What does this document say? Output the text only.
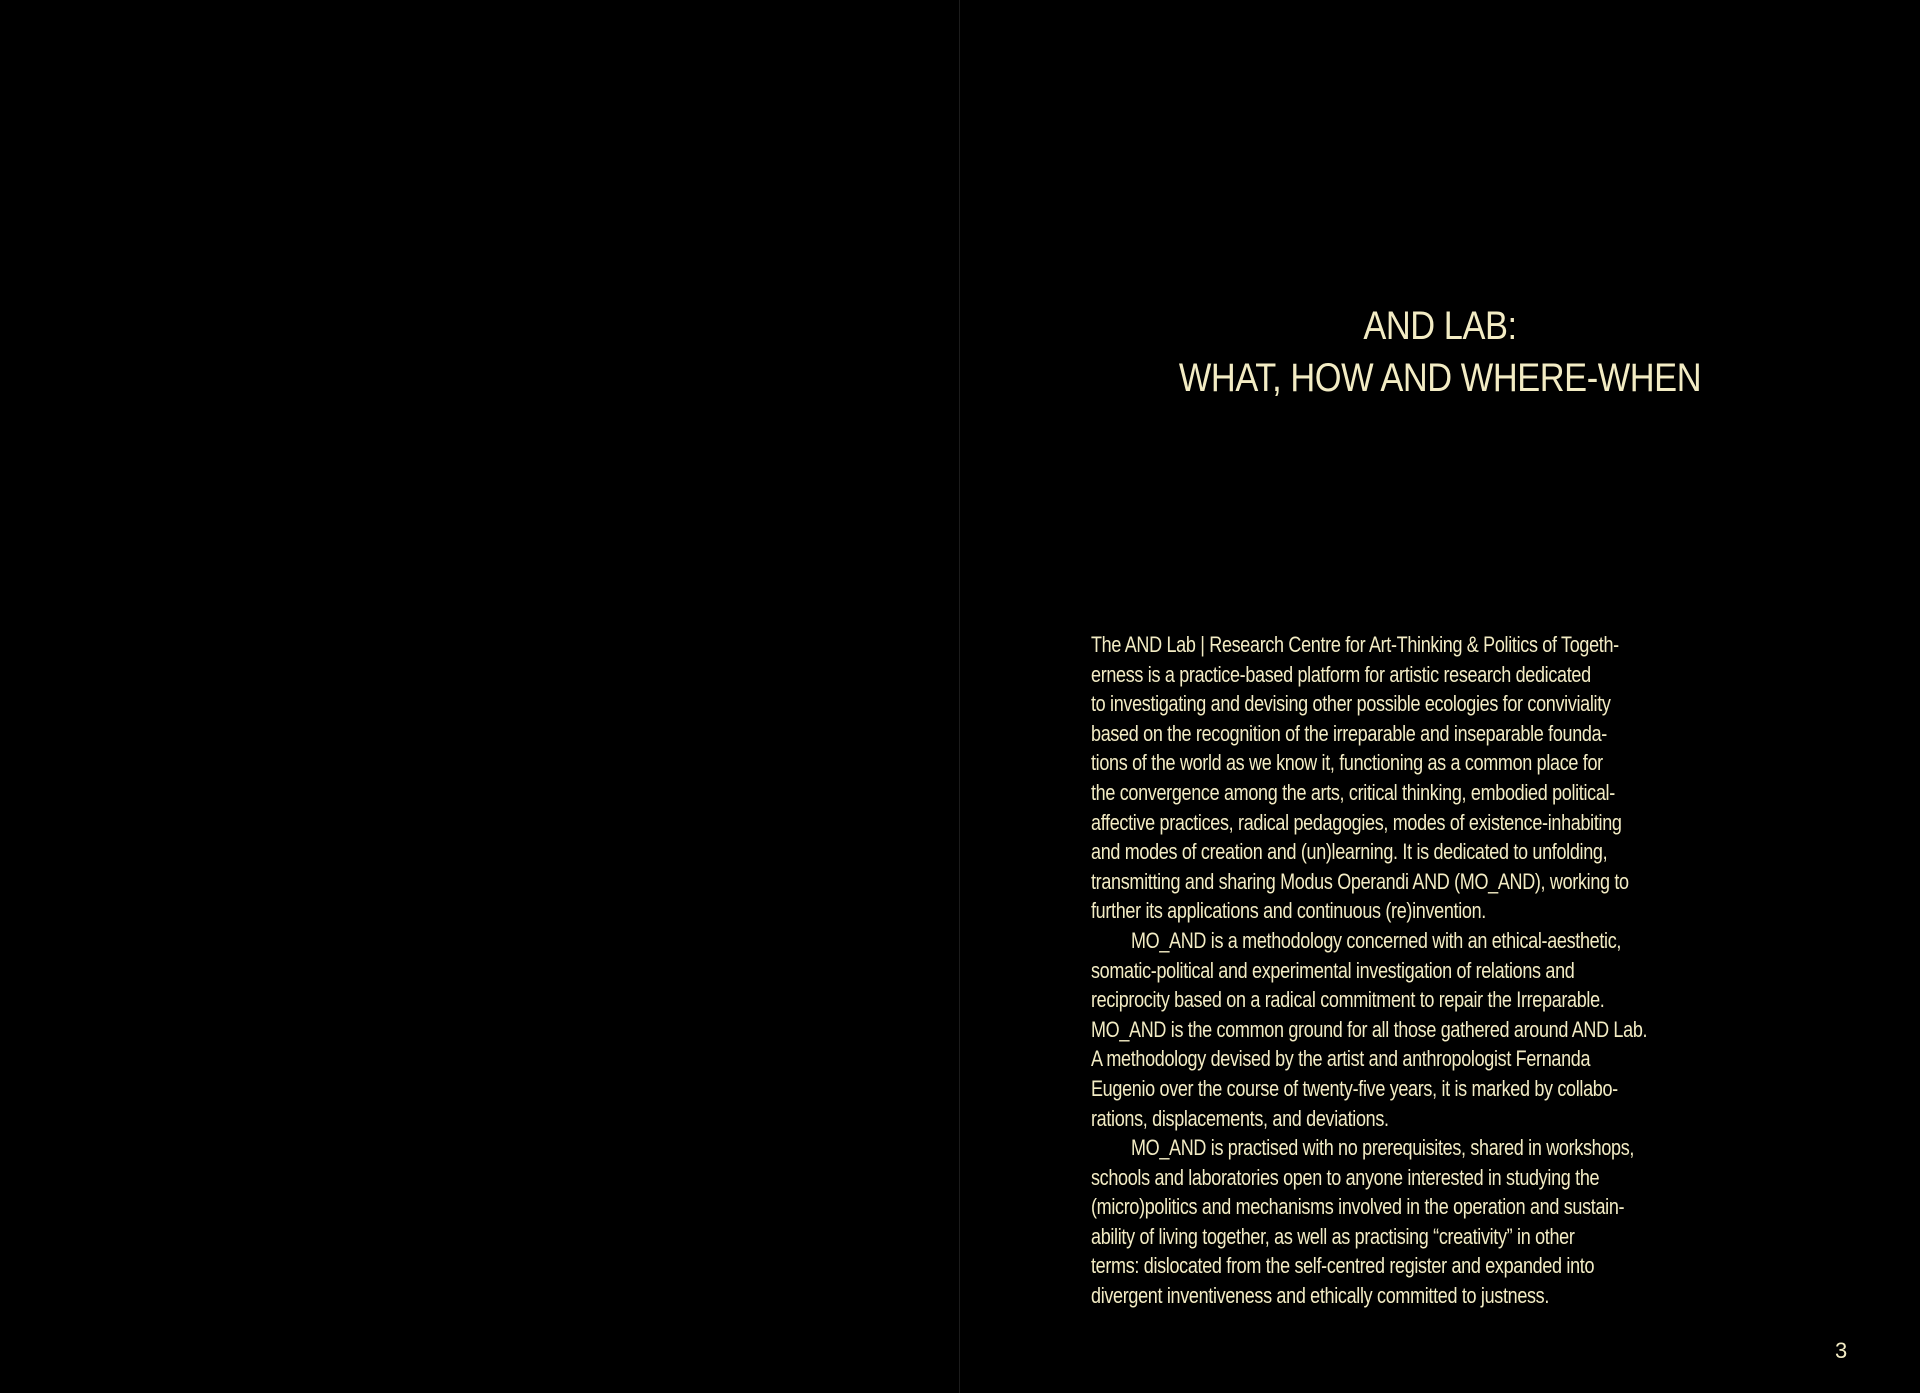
AND LAB:
WHAT, HOW AND WHERE-WHEN
The AND Lab | Research Centre for Art-Thinking & Politics of Togeth-
erness is a practice-based platform for artistic research dedicated
to investigating and devising other possible ecologies for conviviality
based on the recognition of the irreparable and inseparable founda-
tions of the world as we know it, functioning as a common place for
the convergence among the arts, critical thinking, embodied political-
affective practices, radical pedagogies, modes of existence-inhabiting
and modes of creation and (un)learning. It is dedicated to unfolding,
transmitting and sharing Modus Operandi AND (MO_AND), working to
further its applications and continuous (re)invention.
MO_AND is a methodology concerned with an ethical-aesthetic,
somatic-political and experimental investigation of relations and
reciprocity based on a radical commitment to repair the Irreparable.
MO_AND is the common ground for all those gathered around AND Lab.
A methodology devised by the artist and anthropologist Fernanda
Eugenio over the course of twenty-five years, it is marked by collabo-
rations, displacements, and deviations.
MO_AND is practised with no prerequisites, shared in workshops,
schools and laboratories open to anyone interested in studying the
(micro)politics and mechanisms involved in the operation and sustain-
ability of living together, as well as practising “creativity” in other
terms: dislocated from the self-centred register and expanded into
divergent inventiveness and ethically committed to justness.
3
